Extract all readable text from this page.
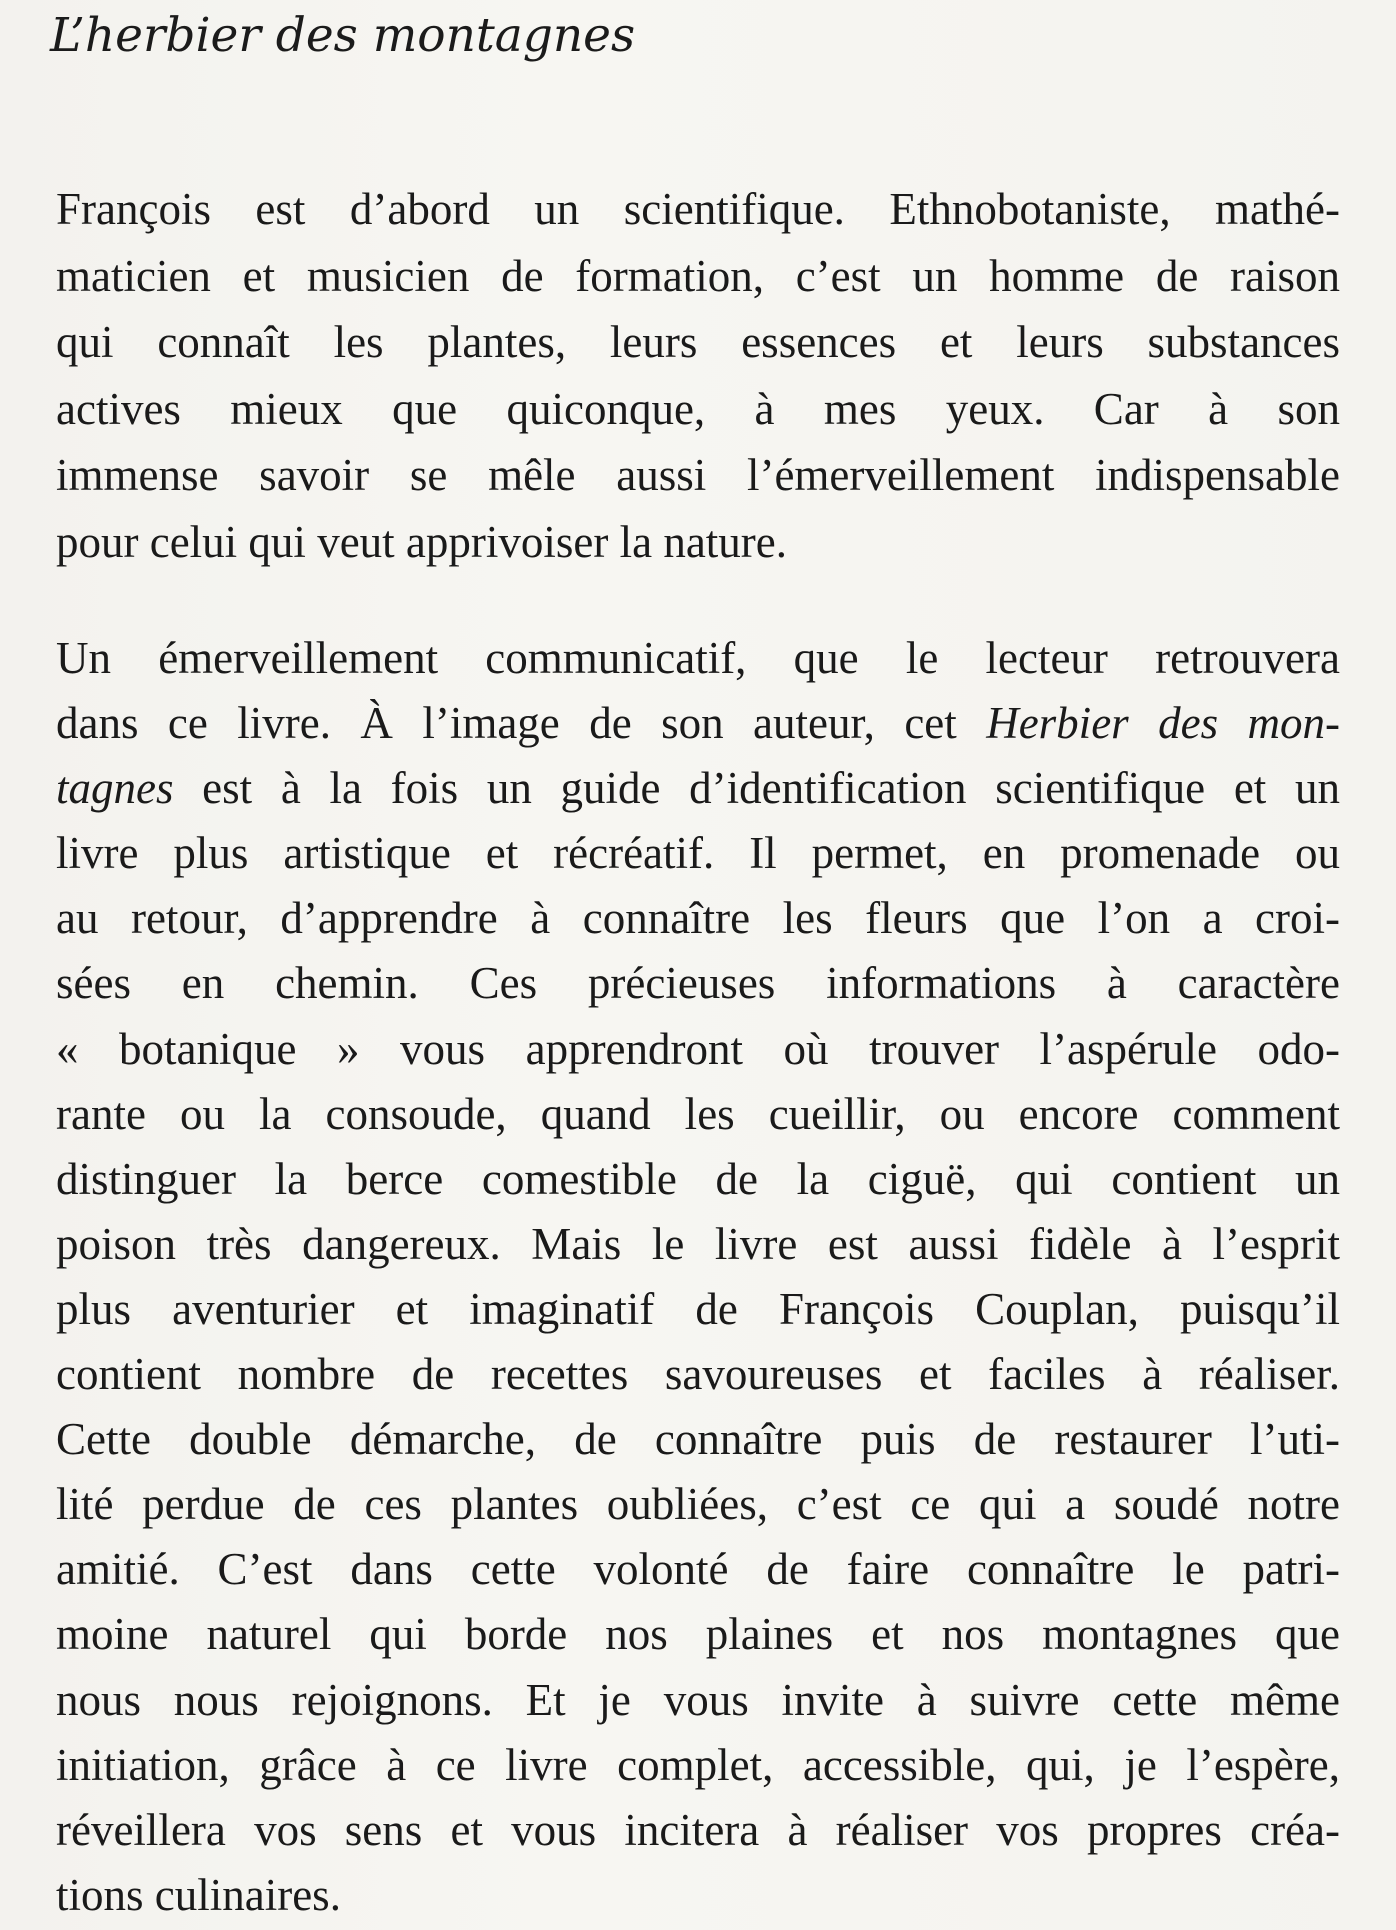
L’herbier des montagnes
François est d’abord un scientifique. Ethnobotaniste, mathé-
maticien et musicien de formation, c’est un homme de raison
qui connaît les plantes, leurs essences et leurs substances
actives mieux que quiconque, à mes yeux. Car à son
immense savoir se mêle aussi l’émerveillement indispensable
pour celui qui veut apprivoiser la nature.
Un émerveillement communicatif, que le lecteur retrouvera
dans ce livre. À l’image de son auteur, cet Herbier des mon-
tagnes est à la fois un guide d’identification scientifique et un
livre plus artistique et récréatif. Il permet, en promenade ou
au retour, d’apprendre à connaître les fleurs que l’on a croi-
sées en chemin. Ces précieuses informations à caractère
« botanique » vous apprendront où trouver l’aspérule odo-
rante ou la consoude, quand les cueillir, ou encore comment
distinguer la berce comestible de la ciguë, qui contient un
poison très dangereux. Mais le livre est aussi fidèle à l’esprit
plus aventurier et imaginatif de François Couplan, puisqu’il
contient nombre de recettes savoureuses et faciles à réaliser.
Cette double démarche, de connaître puis de restaurer l’uti-
lité perdue de ces plantes oubliées, c’est ce qui a soudé notre
amitié. C’est dans cette volonté de faire connaître le patri-
moine naturel qui borde nos plaines et nos montagnes que
nous nous rejoignons. Et je vous invite à suivre cette même
initiation, grâce à ce livre complet, accessible, qui, je l’espère,
réveillera vos sens et vous incitera à réaliser vos propres créa-
tions culinaires.
